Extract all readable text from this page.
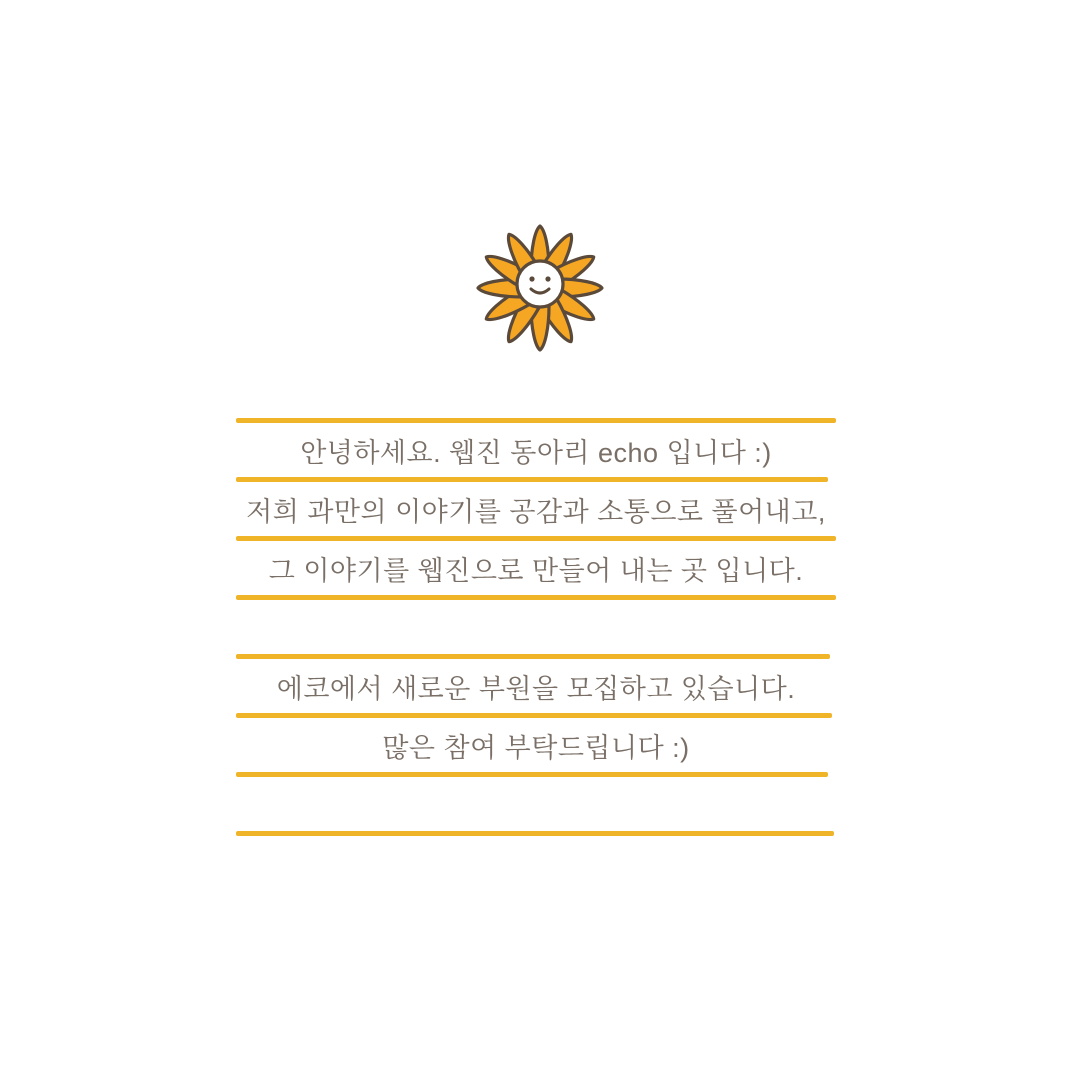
안녕하세요. 웹진 동아리 echo 입니다 :)
저희 과만의 이야기를 공감과 소통으로 풀어내고,
그 이야기를 웹진으로 만들어 내는 곳 입니다.
에코에서 새로운 부원을 모집하고 있습니다.
많은 참여 부탁드립니다 :)
